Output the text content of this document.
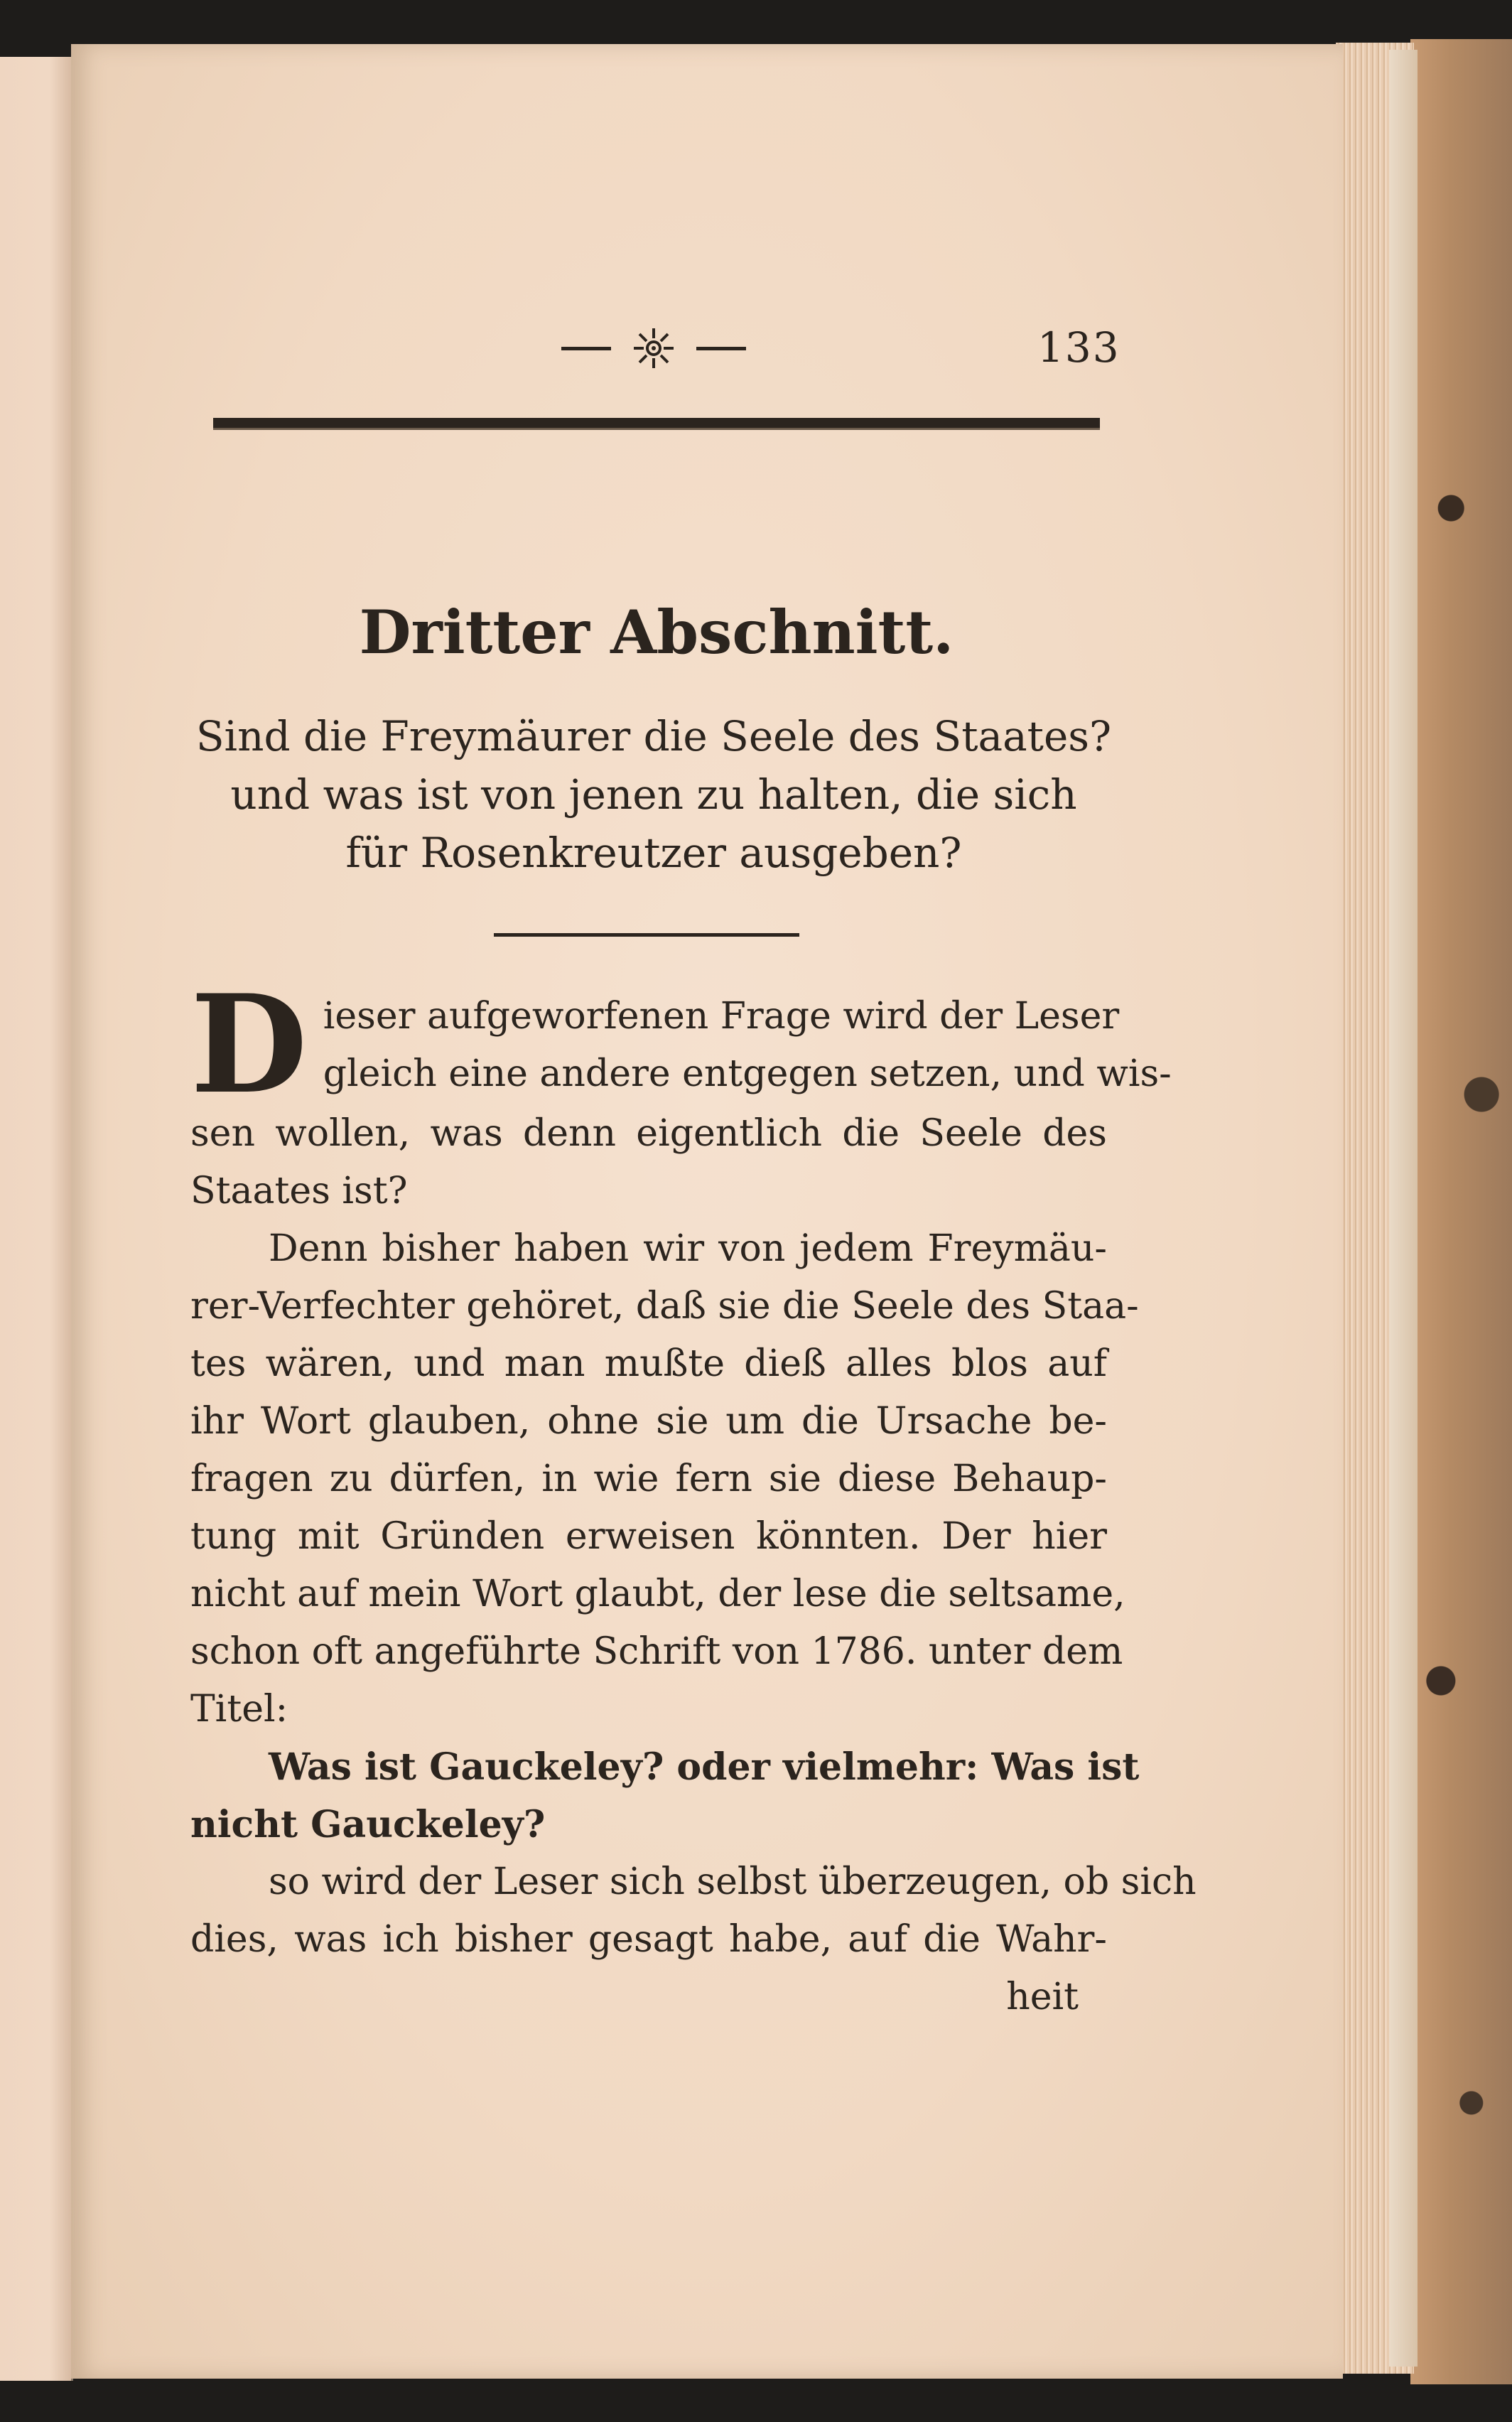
133
Dritter Abschnitt.
Sind die Freymäurer die Seele des Staates?
und was ist von jenen zu halten, die sich
für Rosenkreutzer ausgeben?
D ieser aufgeworfenen Frage wird der Leser
gleich eine andere entgegen setzen, und wis-
sen wollen, was denn eigentlich die Seele des
Staates ist?
Denn bisher haben wir von jedem Freymäu-
rer-Verfechter gehöret, daß sie die Seele des Staa-
tes wären, und man mußte dieß alles blos auf
ihr Wort glauben, ohne sie um die Ursache be-
fragen zu dürfen, in wie fern sie diese Behaup-
tung mit Gründen erweisen könnten. Der hier
nicht auf mein Wort glaubt, der lese die seltsame,
schon oft angeführte Schrift von 1786. unter dem
Titel:
Was ist Gauckeley? oder vielmehr: Was ist
nicht Gauckeley?
so wird der Leser sich selbst überzeugen, ob sich
dies, was ich bisher gesagt habe, auf die Wahr-
heit
